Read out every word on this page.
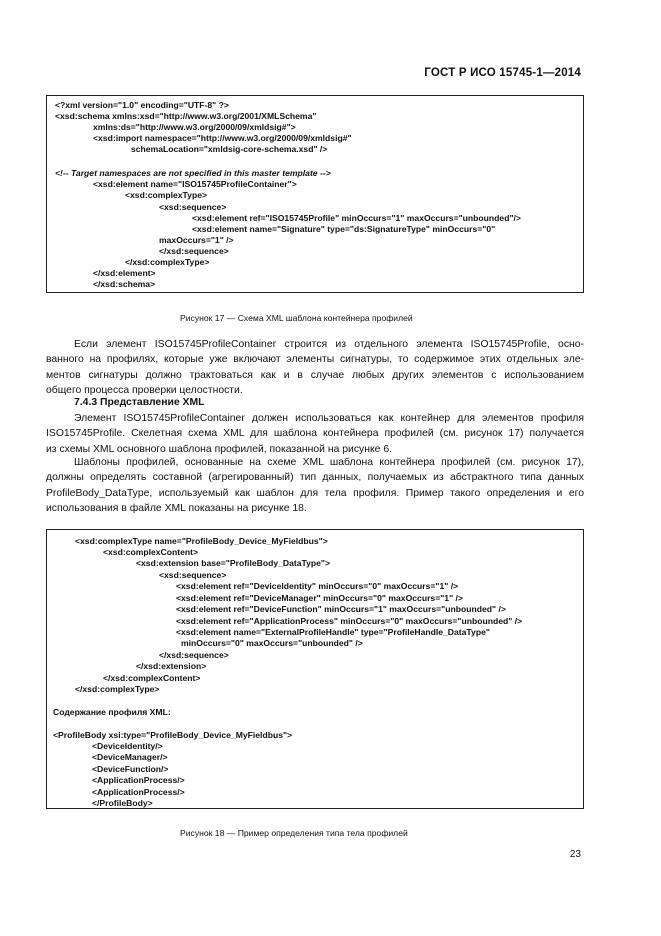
ГОСТ Р ИСО 15745-1—2014
<?xml version="1.0" encoding="UTF-8" ?>
<xsd:schema xmlns:xsd="http://www.w3.org/2001/XMLSchema"
xmlns:ds="http://www.w3.org/2000/09/xmldsig#">
<xsd:import namespace="http://www.w3.org/2000/09/xmldsig#"
schemaLocation="xmldsig-core-schema.xsd" />
<!-- Target namespaces are not specified in this master template -->
<xsd:element name="ISO15745ProfileContainer">
<xsd:complexType>
<xsd:sequence>
<xsd:element ref="ISO15745Profile" minOccurs="1" maxOccurs="unbounded"/>
<xsd:element name="Signature" type="ds:SignatureType" minOccurs="0"
maxOccurs="1" />
</xsd:sequence>
</xsd:complexType>
</xsd:element>
</xsd:schema>
Рисунок 17 — Схема XML шаблона контейнера профилей
Если элемент ISO15745ProfileContainer строится из отдельного элемента ISO15745Profile, осно-
ванного на профилях, которые уже включают элементы сигнатуры, то содержимое этих отдельных эле-
ментов сигнатуры должно трактоваться как и в случае любых других элементов с использованием
общего процесса проверки целостности.
7.4.3 Представление XML
Элемент ISO15745ProfileContainer должен использоваться как контейнер для элементов профиля
ISO15745Profile. Скелетная схема XML для шаблона контейнера профилей (см. рисунок 17) получается
из схемы XML основного шаблона профилей, показанной на рисунке 6.
Шаблоны профилей, основанные на схеме XML шаблона контейнера профилей (см. рисунок 17),
должны определять составной (агрегированный) тип данных, получаемых из абстрактного типа данных
ProfileBody_DataType, используемый как шаблон для тела профиля. Пример такого определения и его
использования в файле XML показаны на рисунке 18.
<xsd:complexType name="ProfileBody_Device_MyFieldbus">
<xsd:complexContent>
<xsd:extension base="ProfileBody_DataType">
<xsd:sequence>
<xsd:element ref="DeviceIdentity" minOccurs="0" maxOccurs="1" />
<xsd:element ref="DeviceManager" minOccurs="0" maxOccurs="1" />
<xsd:element ref="DeviceFunction" minOccurs="1" maxOccurs="unbounded" />
<xsd:element ref="ApplicationProcess" minOccurs="0" maxOccurs="unbounded" />
<xsd:element name="ExternalProfileHandle" type="ProfileHandle_DataType"
minOccurs="0" maxOccurs="unbounded" />
</xsd:sequence>
</xsd:extension>
</xsd:complexContent>
</xsd:complexType>
Содержание профиля XML:
<ProfileBody xsi:type="ProfileBody_Device_MyFieldbus">
<DeviceIdentity/>
<DeviceManager/>
<DeviceFunction/>
<ApplicationProcess/>
<ApplicationProcess/>
</ProfileBody>
Рисунок 18 — Пример определения типа тела профилей
23
